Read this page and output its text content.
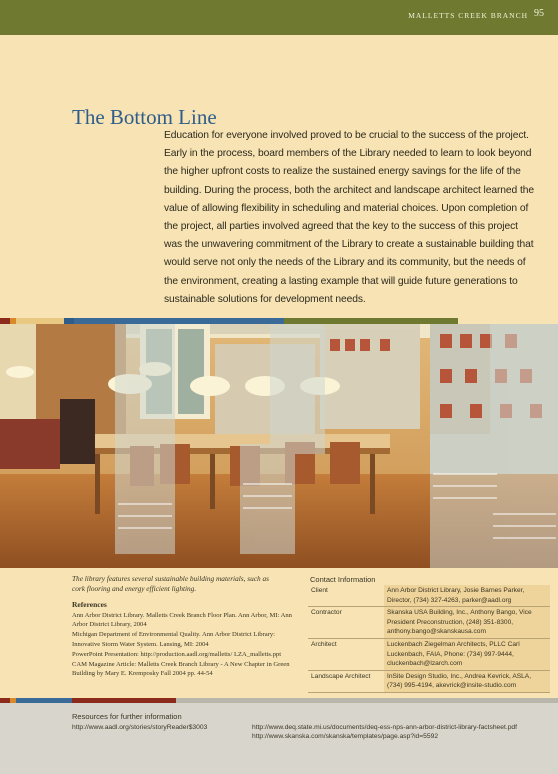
MALLETTS CREEK BRANCH 95
The Bottom Line

Education for everyone involved proved to be crucial to the success of the project. Early in the process, board members of the Library needed to learn to look beyond the higher upfront costs to realize the sustained energy savings for the life of the building. During the process, both the architect and landscape architect learned the value of allowing flexibility in scheduling and material choices. Upon completion of the project, all parties involved agreed that the key to the success of this project was the unwavering commitment of the Library to create a sustainable building that would serve not only the needs of the Library and its community, but the needs of the environment, creating a lasting example that will guide future generations to sustainable solutions for development needs.

The library features several sustainable building materials, such as cork flooring and energy efficient lighting.

References
Ann Arbor District Library. Malletts Creek Branch Floor Plan. Ann Arbor, MI: Ann Arbor District Library, 2004
Michigan Department of Environmental Quality. Ann Arbor District Library: Innovative Storm Water System. Lansing, MI: 2004
PowerPoint Presentation: http://production.aadl.org/malletts/ LZA_malletts.ppt
CAM Magazine Article: Malletts Creek Branch Library - A New Chapter in Green Building by Mary E. Kremposky Fall 2004 pp. 44-54
Contact Information
Client	Ann Arbor District Library, Josie Barnes Parker, Director, (734) 327-4263, parker@aadl.org
Contractor	Skanska USA Building, Inc., Anthony Bango, Vice President Preconstruction, (248) 351-8300, anthony.bango@skanskausa.com
Architect	Luckenbach Ziegelman Architects, PLLC Carl Luckenbach, FAIA, Phone: (734) 997-9444, cluckenbach@lzarch.com
Landscape Architect	InSite Design Studio, Inc., Andrea Kevrick, ASLA, (734) 995-4194, akevrick@insite-studio.com
Resources for further information
http://www.aadl.org/stories/storyReader$3003	http://www.deq.state.mi.us/documents/deq-ess-nps-ann-arbor-district-library-factsheet.pdf
http://www.skanska.com/skanska/templates/page.asp?id=5592
